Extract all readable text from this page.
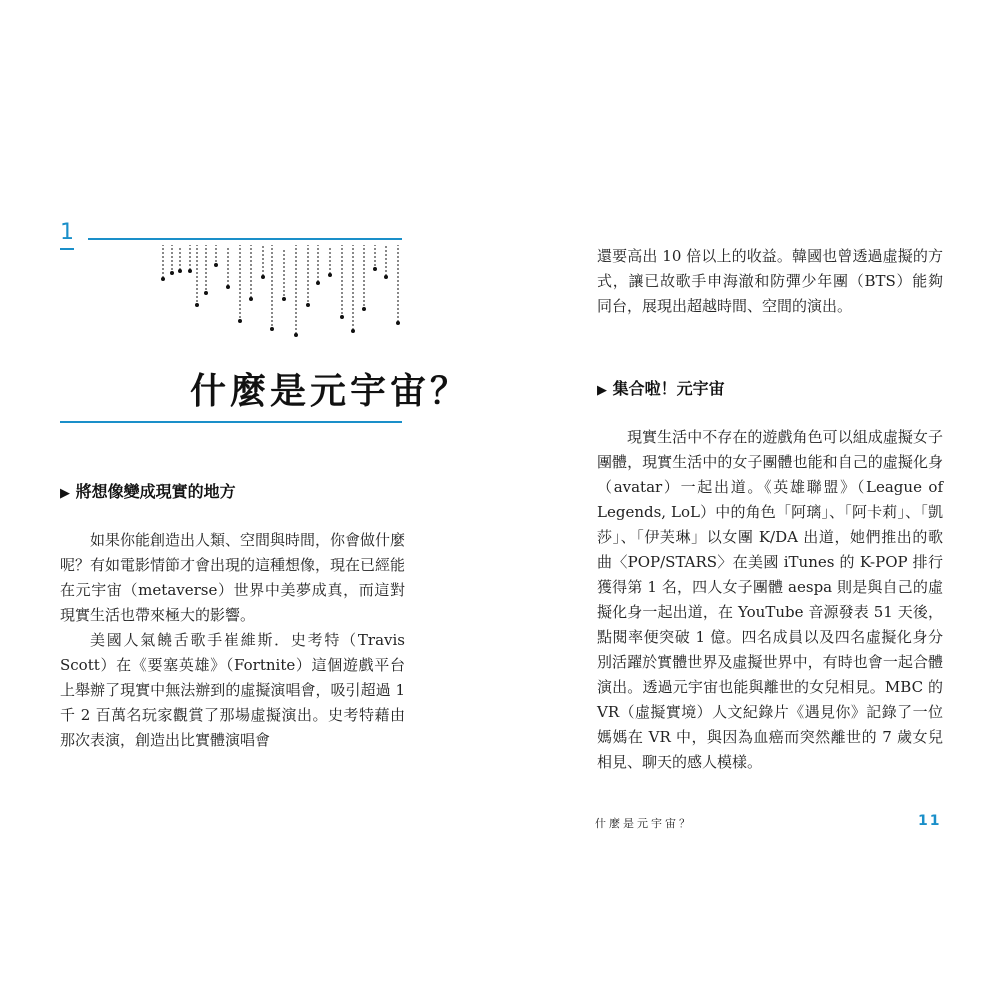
1
什麼是元宇宙？
▶ 將想像變成現實的地方

如果你能創造出人類、空間與時間，你會做什麼呢？有如電影情節才會出現的這種想像，現在已經能在元宇宙（metaverse）世界中美夢成真，而這對現實生活也帶來極大的影響。

美國人氣饒舌歌手崔維斯．史考特（Travis Scott）在《要塞英雄》（Fortnite）這個遊戲平台上舉辦了現實中無法辦到的虛擬演唱會，吸引超過 1 千 2 百萬名玩家觀賞了那場虛擬演出。史考特藉由那次表演，創造出比實體演唱會

還要高出 10 倍以上的收益。韓國也曾透過虛擬的方式，讓已故歌手申海澈和防彈少年團（BTS）能夠同台，展現出超越時間、空間的演出。

▶ 集合啦！元宇宙

現實生活中不存在的遊戲角色可以組成虛擬女子團體，現實生活中的女子團體也能和自己的虛擬化身（avatar）一起出道。《英雄聯盟》（League of Legends, LoL）中的角色「阿璃」、「阿卡莉」、「凱莎」、「伊芙琳」以女團 K/DA 出道，她們推出的歌曲〈POP/STARS〉在美國 iTunes 的 K-POP 排行獲得第 1 名，四人女子團體 aespa 則是與自己的虛擬化身一起出道，在 YouTube 音源發表 51 天後，點閱率便突破 1 億。四名成員以及四名虛擬化身分別活躍於實體世界及虛擬世界中，有時也會一起合體演出。透過元宇宙也能與離世的女兒相見。MBC 的 VR（虛擬實境）人文紀錄片《遇見你》記錄了一位媽媽在 VR 中，與因為血癌而突然離世的 7 歲女兒相見、聊天的感人模樣。

什麼是元宇宙？	11
